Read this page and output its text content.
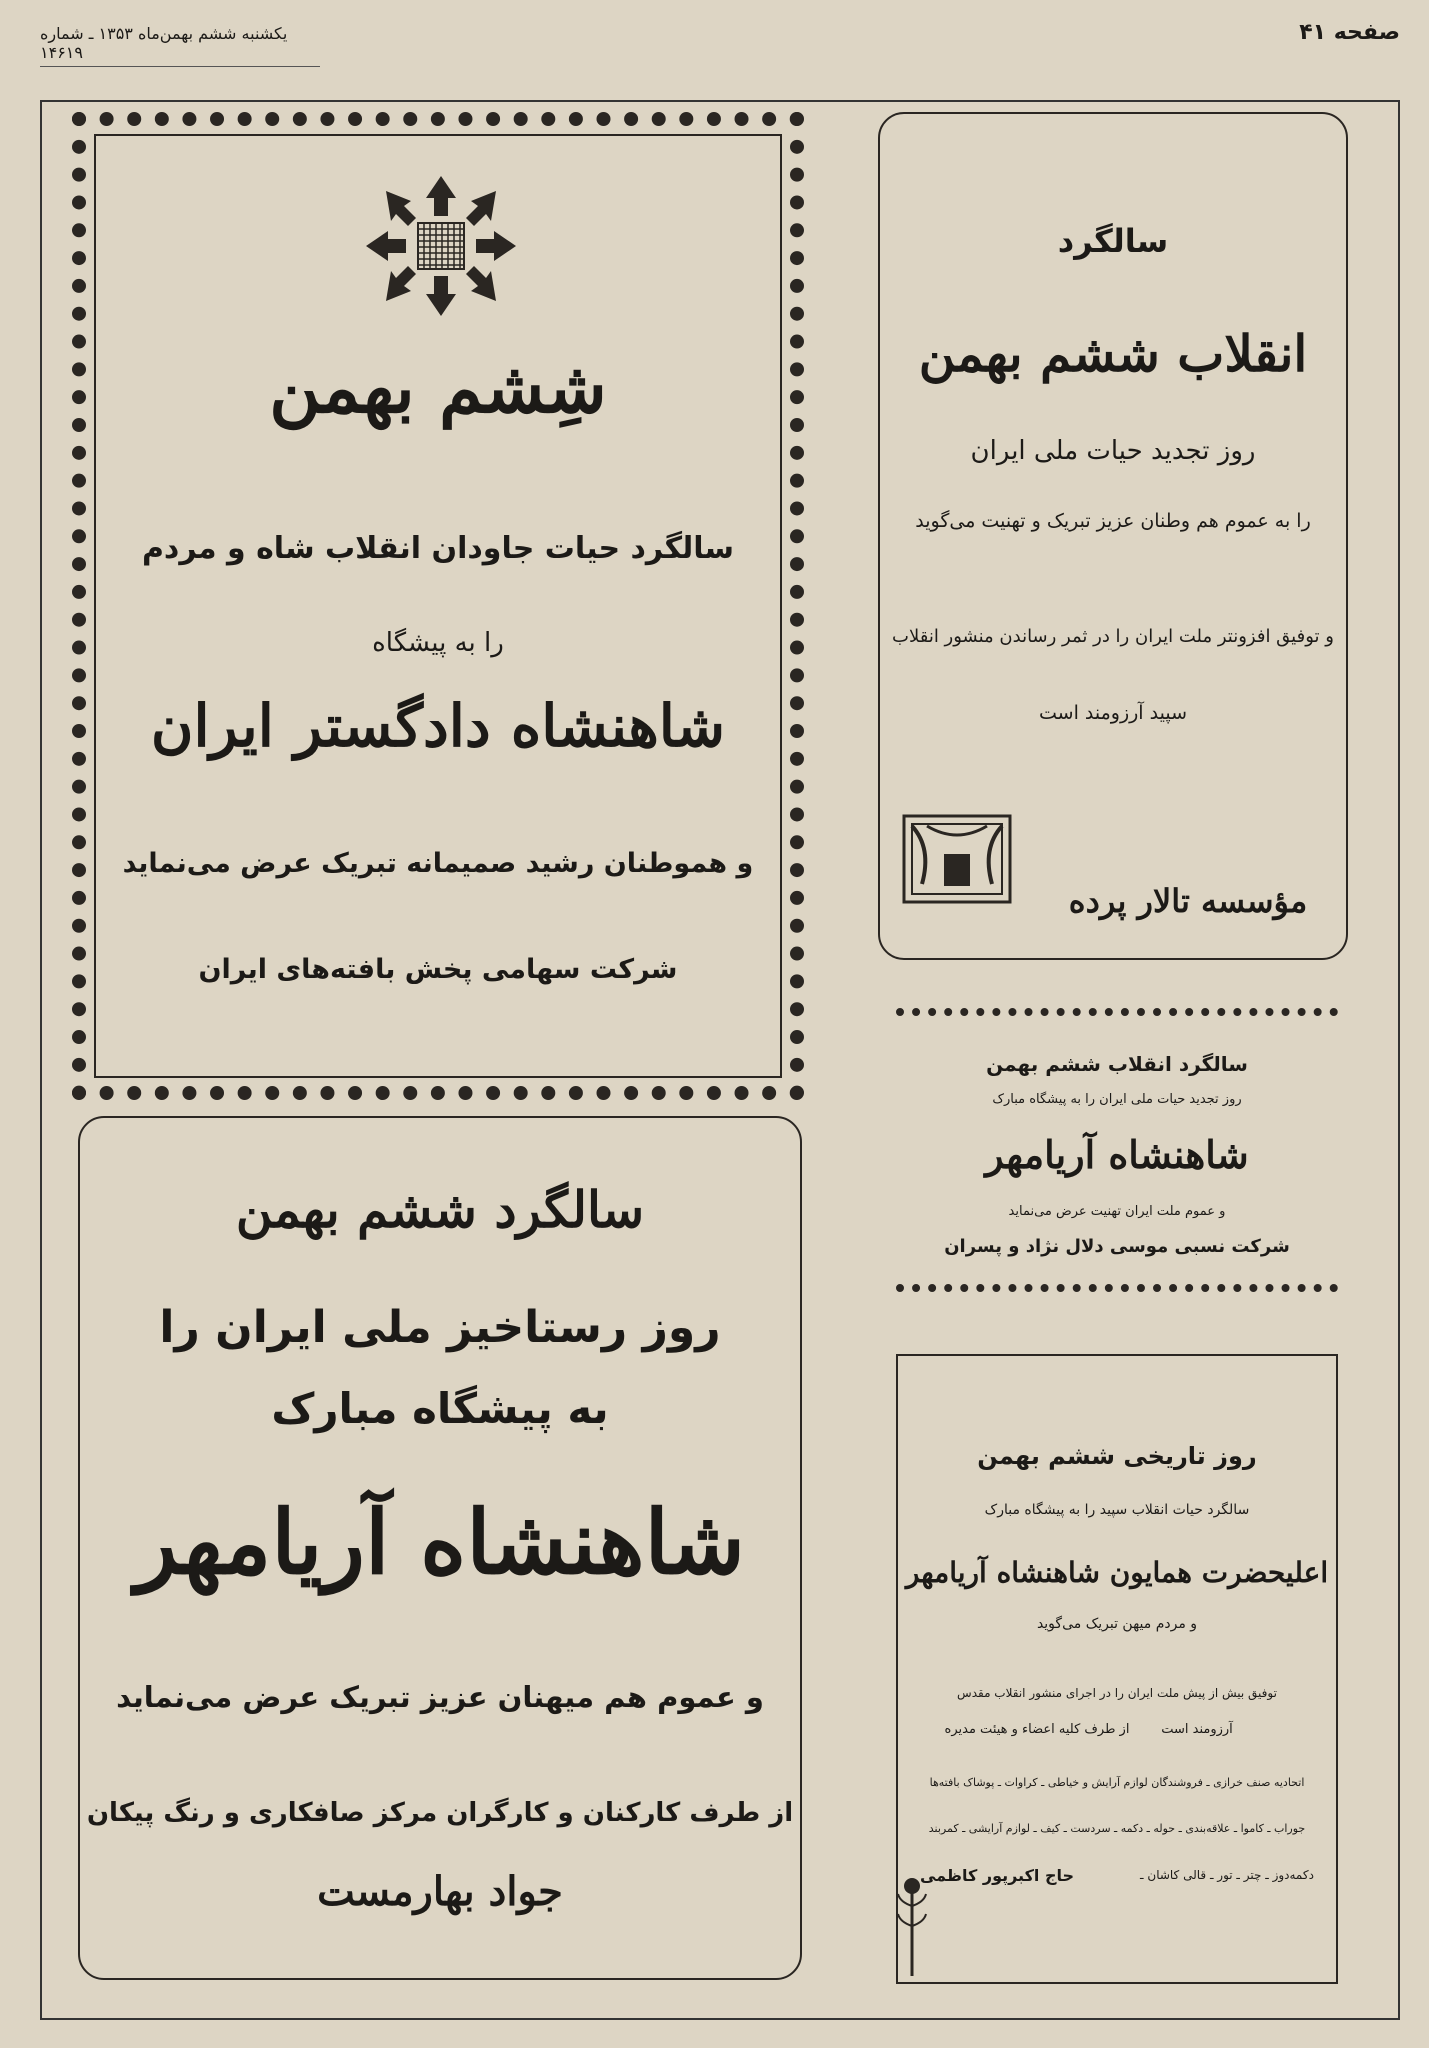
صفحه ۴۱
یکشنبه ششم بهمن‌ماه ۱۳۵۳ ـ شماره ۱۴۶۱۹
شِشم بهمن
سالگرد حیات جاودان انقلاب شاه و مردم
را به پیشگاه
شاهنشاه دادگستر ایران
و هموطنان رشید صمیمانه تبریک عرض می‌نماید
شرکت سهامی پخش بافته‌های ایران
سالگرد ششم بهمن
روز رستاخیز ملی ایران را
به پیشگاه مبارک
شاهنشاه آریامهر
و عموم هم میهنان عزیز تبریک عرض می‌نماید
از طرف کارکنان و کارگران مرکز صافکاری و رنگ پیکان
جواد بهارمست
سالگرد
انقلاب ششم بهمن
روز تجدید حیات ملی ایران
را به عموم هم وطنان عزیز تبریک و تهنیت می‌گوید
و توفیق افزونتر ملت ایران را در ثمر رساندن منشور انقلاب
سپید آرزومند است
مؤسسه تالار پرده
سالگرد انقلاب ششم بهمن
روز تجدید حیات ملی ایران را به پیشگاه مبارک
شاهنشاه آریامهر
و عموم ملت ایران تهنیت عرض می‌نماید
شرکت نسبی موسی دلال نژاد و پسران
روز تاریخی ششم بهمن
سالگرد حیات انقلاب سپید را به پیشگاه مبارک
اعلیحضرت همایون شاهنشاه آریامهر
و مردم میهن تبریک می‌گوید
توفیق بیش از پیش ملت ایران را در اجرای منشور انقلاب مقدس
آرزومند است
از طرف کلیه اعضاء و هیئت مدیره
اتحادیه صنف خرازی ـ فروشندگان لوازم آرایش و خیاطی ـ کراوات ـ پوشاک بافته‌ها
جوراب ـ کاموا ـ علاقه‌بندی ـ حوله ـ دکمه ـ سردست ـ کیف ـ لوازم آرایشی ـ کمربند
دکمه‌دوز ـ چتر ـ تور ـ قالی کاشان ـ
حاج اکبرپور کاظمی
